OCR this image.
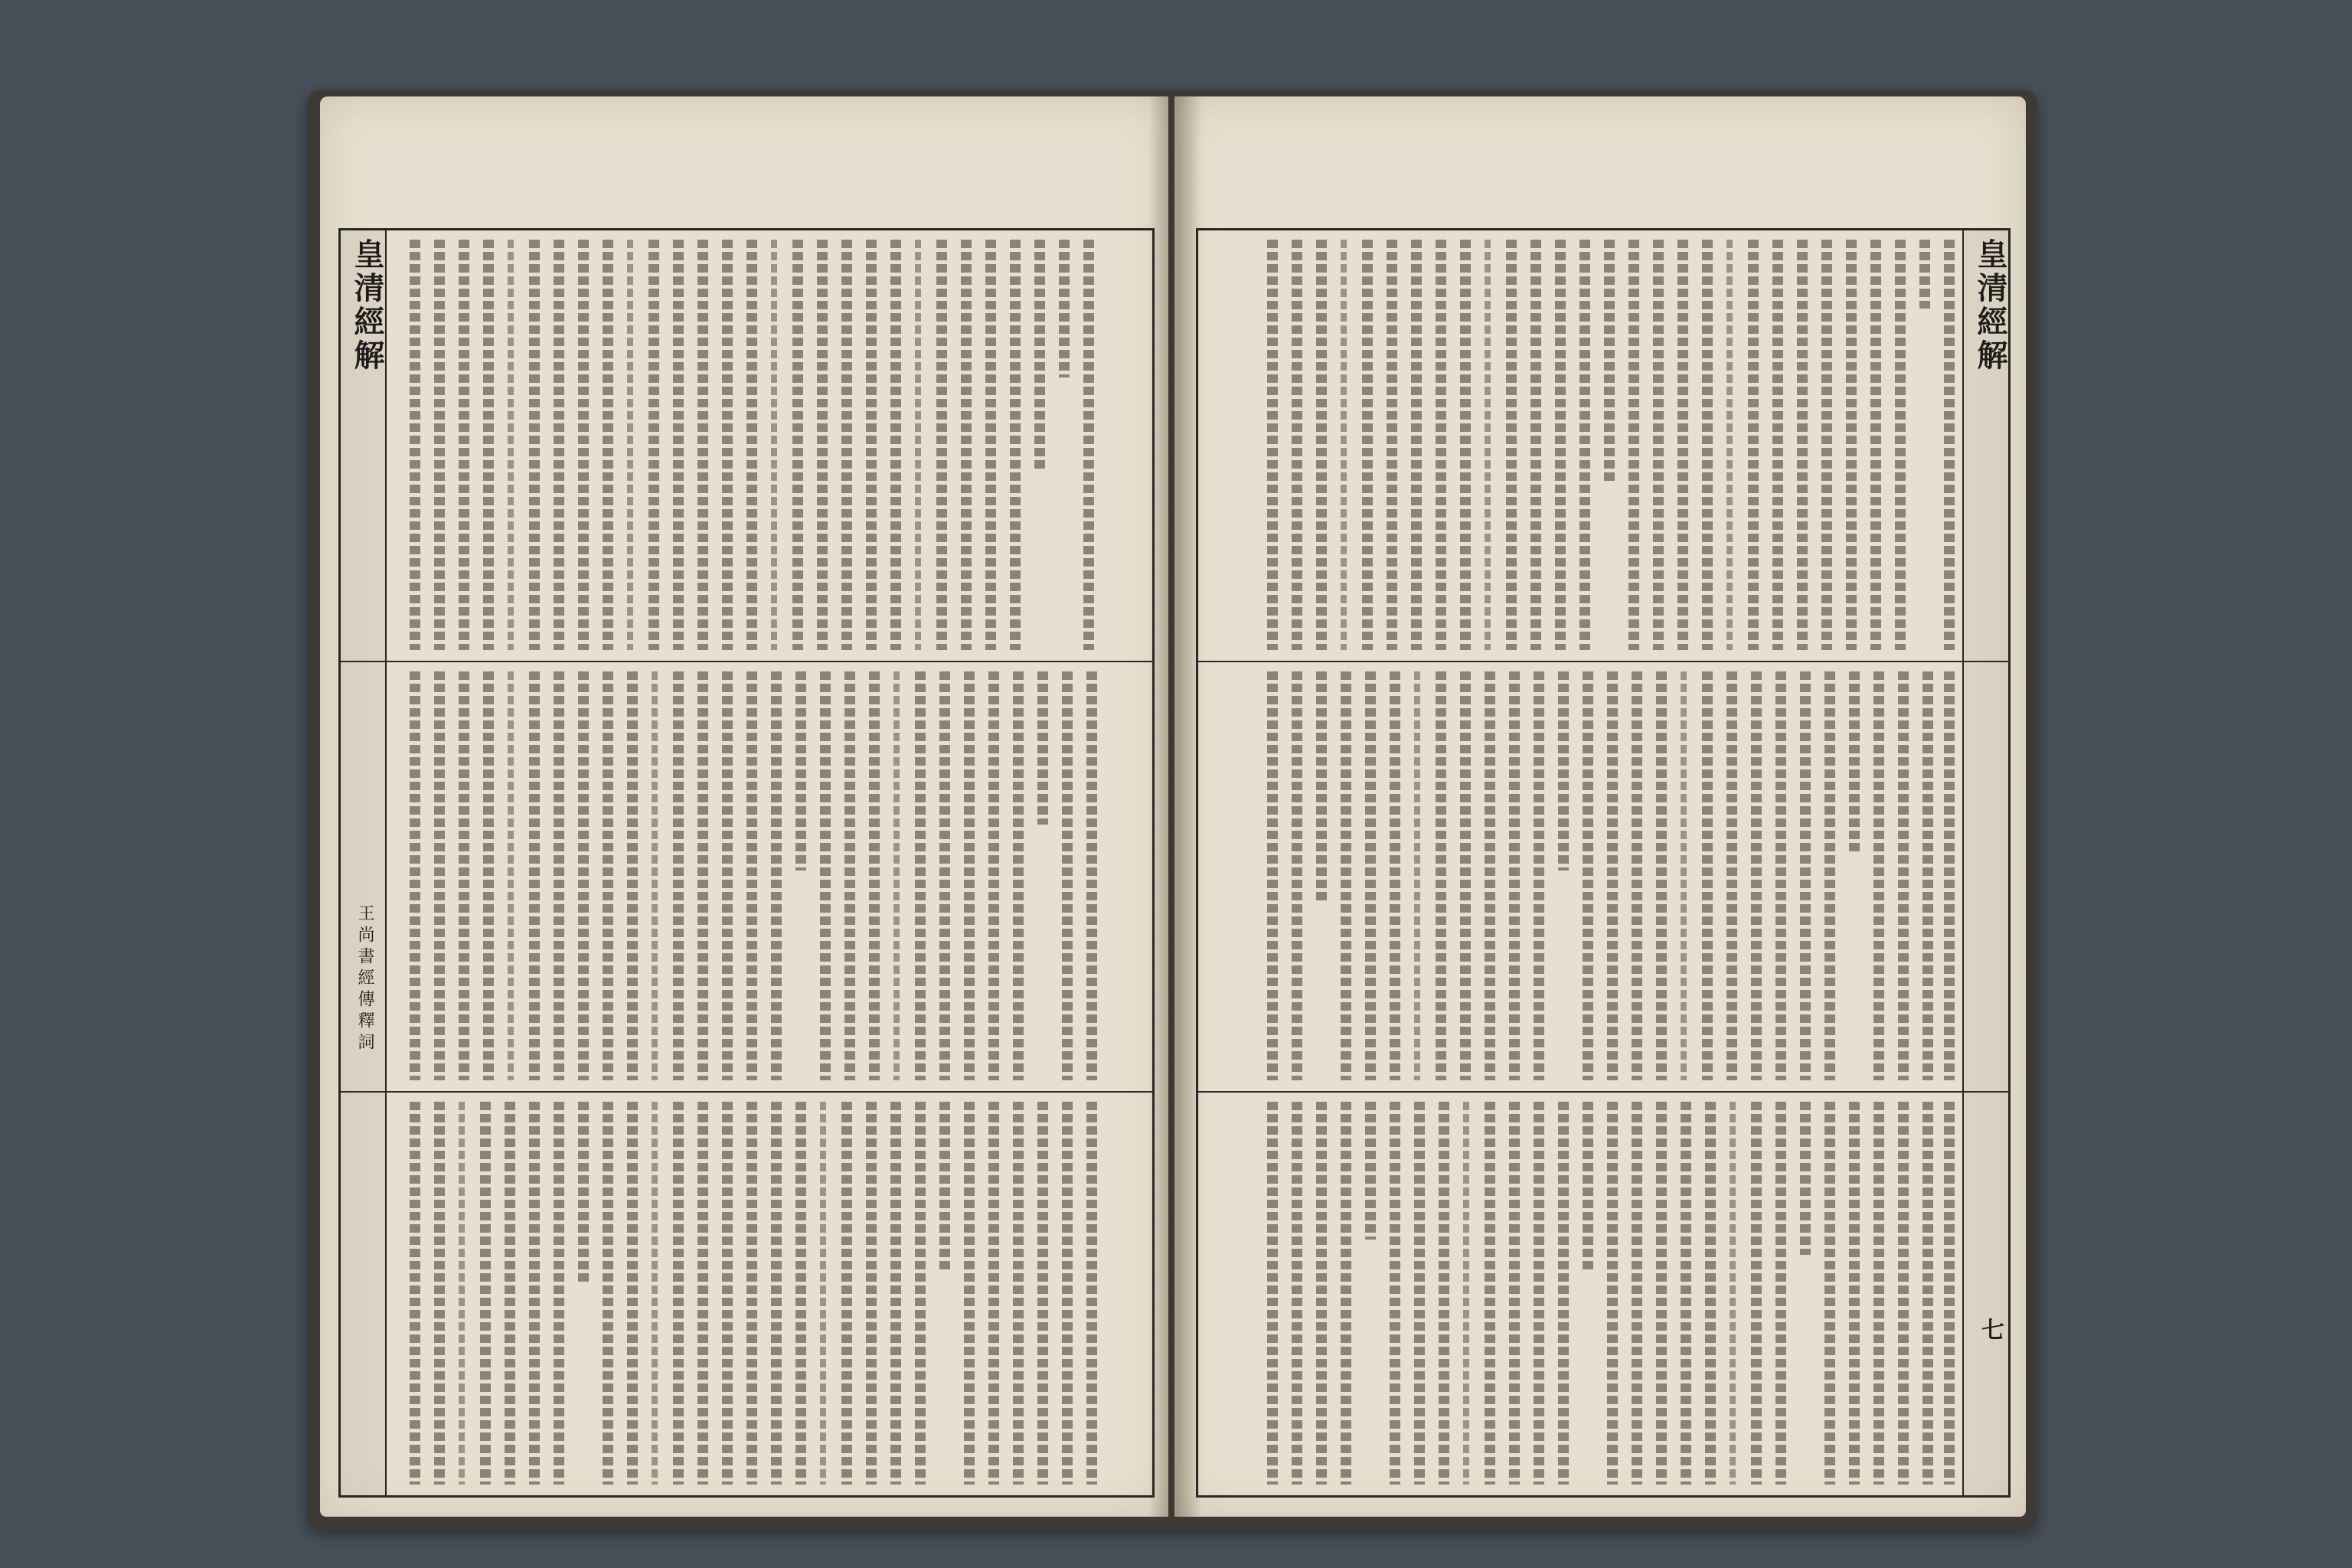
皇清經解
王尚書經傳釋詞
皇清經解
七
